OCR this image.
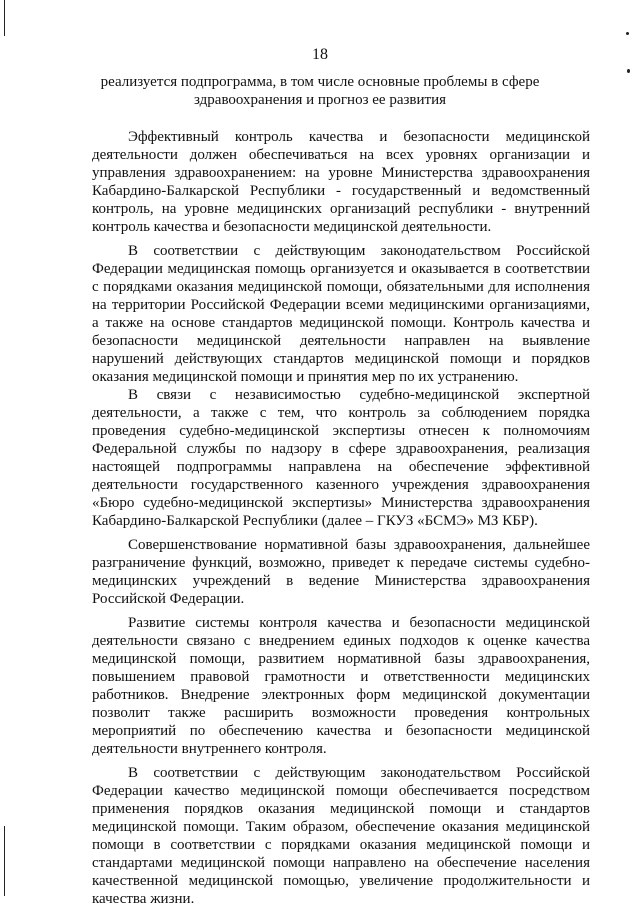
18
реализуется подпрограмма, в том числе основные проблемы в сфере здравоохранения и прогноз ее развития

Эффективный контроль качества и безопасности медицинской деятельности должен обеспечиваться на всех уровнях организации и управления здравоохранением: на уровне Министерства здравоохранения Кабардино-Балкарской Республики - государственный и ведомственный контроль, на уровне медицинских организаций республики - внутренний контроль качества и безопасности медицинской деятельности.

В соответствии с действующим законодательством Российской Федерации медицинская помощь организуется и оказывается в соответствии с порядками оказания медицинской помощи, обязательными для исполнения на территории Российской Федерации всеми медицинскими организациями, а также на основе стандартов медицинской помощи. Контроль качества и безопасности медицинской деятельности направлен на выявление нарушений действующих стандартов медицинской помощи и порядков оказания медицинской помощи и принятия мер по их устранению.

В связи с независимостью судебно-медицинской экспертной деятельности, а также с тем, что контроль за соблюдением порядка проведения судебно-медицинской экспертизы отнесен к полномочиям Федеральной службы по надзору в сфере здравоохранения, реализация настоящей подпрограммы направлена на обеспечение эффективной деятельности государственного казенного учреждения здравоохранения «Бюро судебно-медицинской экспертизы» Министерства здравоохранения Кабардино-Балкарской Республики (далее – ГКУЗ «БСМЭ» МЗ КБР).

Совершенствование нормативной базы здравоохранения, дальнейшее разграничение функций, возможно, приведет к передаче системы судебно-медицинских учреждений в ведение Министерства здравоохранения Российской Федерации.

Развитие системы контроля качества и безопасности медицинской деятельности связано с внедрением единых подходов к оценке качества медицинской помощи, развитием нормативной базы здравоохранения, повышением правовой грамотности и ответственности медицинских работников. Внедрение электронных форм медицинской документации позволит также расширить возможности проведения контрольных мероприятий по обеспечению качества и безопасности медицинской деятельности внутреннего контроля.

В соответствии с действующим законодательством Российской Федерации качество медицинской помощи обеспечивается посредством применения порядков оказания медицинской помощи и стандартов медицинской помощи. Таким образом, обеспечение оказания медицинской помощи в соответствии с порядками оказания медицинской помощи и стандартами медицинской помощи направлено на обеспечение населения качественной медицинской помощью, увеличение продолжительности и качества жизни.
